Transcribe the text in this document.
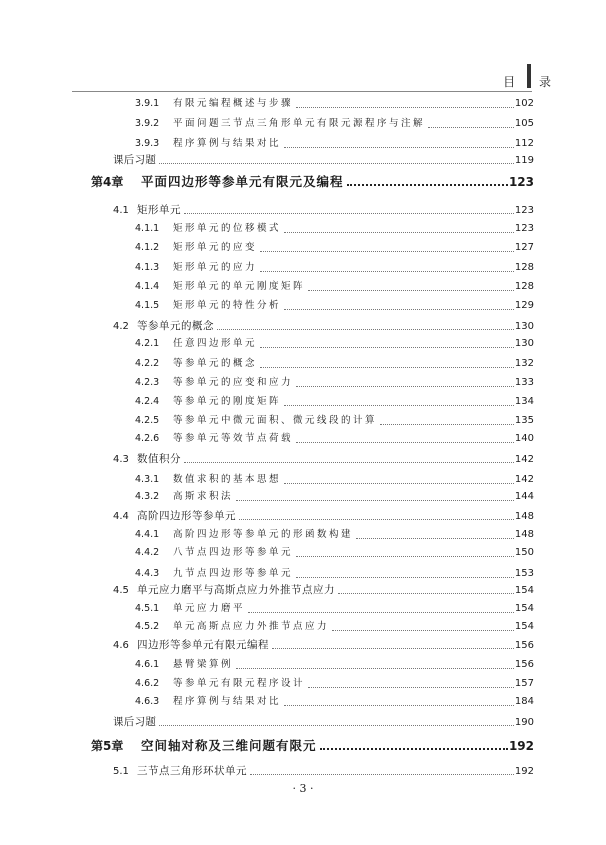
目 录
3.9.1	有限元编程概述与步骤	102
3.9.2	平面问题三节点三角形单元有限元源程序与注解	105
3.9.3	程序算例与结果对比	112
课后习题	119
第4章	平面四边形等参单元有限元及编程	123
4.1 矩形单元	123
4.1.1	矩形单元的位移模式	123
4.1.2	矩形单元的应变	127
4.1.3	矩形单元的应力	128
4.1.4	矩形单元的单元刚度矩阵	128
4.1.5	矩形单元的特性分析	129
4.2 等参单元的概念	130
4.2.1	任意四边形单元	130
4.2.2	等参单元的概念	132
4.2.3	等参单元的应变和应力	133
4.2.4	等参单元的刚度矩阵	134
4.2.5	等参单元中微元面积、微元线段的计算	135
4.2.6	等参单元等效节点荷载	140
4.3 数值积分	142
4.3.1	数值求积的基本思想	142
4.3.2	高斯求积法	144
4.4 高阶四边形等参单元	148
4.4.1	高阶四边形等参单元的形函数构建	148
4.4.2	八节点四边形等参单元	150
4.4.3	九节点四边形等参单元	153
4.5 单元应力磨平与高斯点应力外推节点应力	154
4.5.1	单元应力磨平	154
4.5.2	单元高斯点应力外推节点应力	154
4.6 四边形等参单元有限元编程	156
4.6.1	悬臂梁算例	156
4.6.2	等参单元有限元程序设计	157
4.6.3	程序算例与结果对比	184
课后习题	190
第5章	空间轴对称及三维问题有限元	192
5.1 三节点三角形环状单元	192
· 3 ·
